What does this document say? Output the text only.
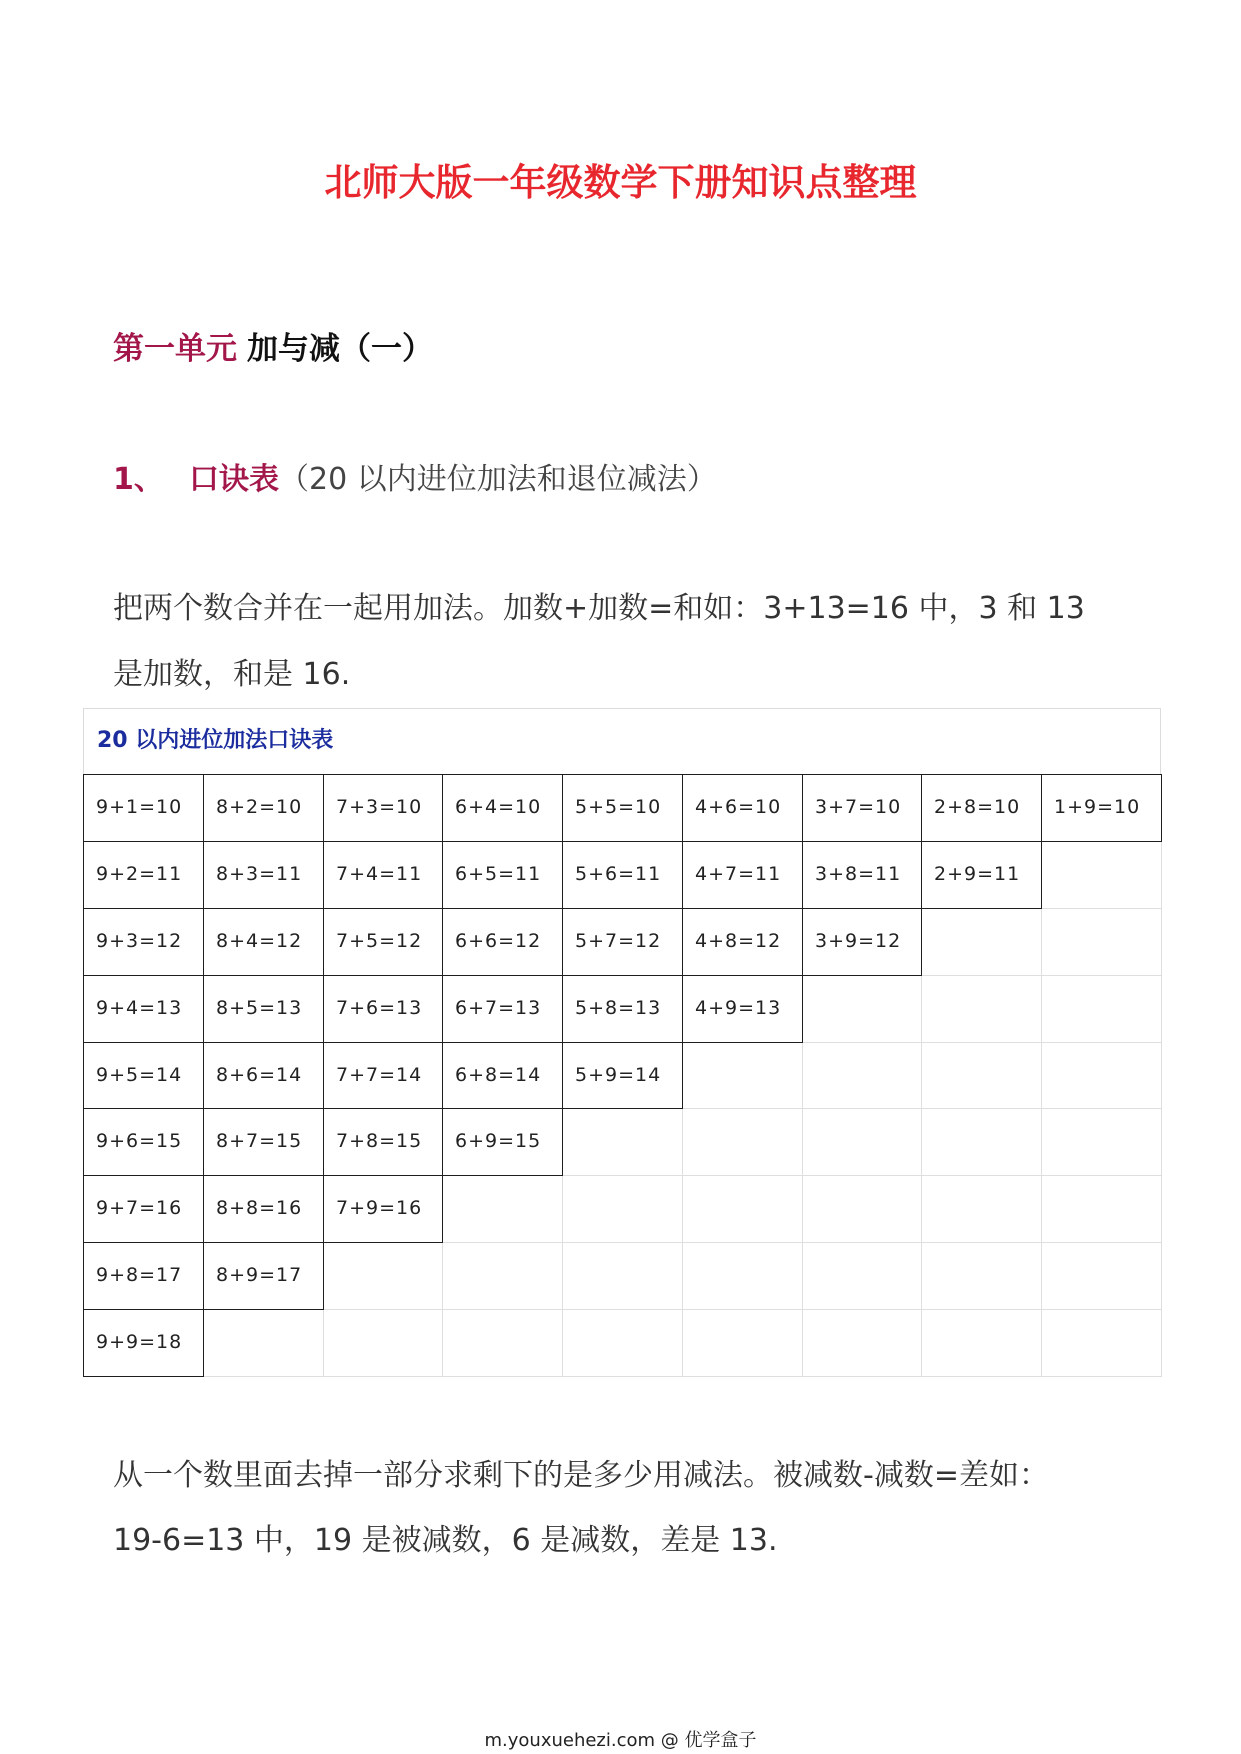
北师大版一年级数学下册知识点整理
第一单元 加与减（一）
1、 口诀表（20 以内进位加法和退位减法）
把两个数合并在一起用加法。加数+加数=和如：3+13=16 中，3 和 13
是加数，和是 16.
20 以内进位加法口诀表
9+1=10	8+2=10	7+3=10	6+4=10	5+5=10	4+6=10	3+7=10	2+8=10	1+9=10
9+2=11	8+3=11	7+4=11	6+5=11	5+6=11	4+7=11	3+8=11	2+9=11
9+3=12	8+4=12	7+5=12	6+6=12	5+7=12	4+8=12	3+9=12
9+4=13	8+5=13	7+6=13	6+7=13	5+8=13	4+9=13
9+5=14	8+6=14	7+7=14	6+8=14	5+9=14
9+6=15	8+7=15	7+8=15	6+9=15
9+7=16	8+8=16	7+9=16
9+8=17	8+9=17
9+9=18
从一个数里面去掉一部分求剩下的是多少用减法。被减数-减数=差如：
19-6=13 中，19 是被减数，6 是减数，差是 13.
m.youxuehezi.com @ 优学盒子
